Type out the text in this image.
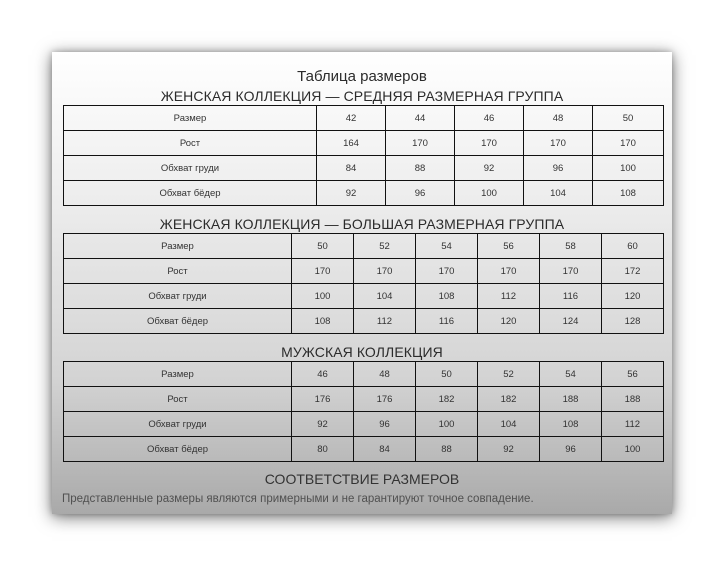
Таблица размеров
ЖЕНСКАЯ КОЛЛЕКЦИЯ — СРЕДНЯЯ РАЗМЕРНАЯ ГРУППА
Размер	42	44	46	48	50
Рост	164	170	170	170	170
Обхват груди	84	88	92	96	100
Обхват бёдер	92	96	100	104	108
ЖЕНСКАЯ КОЛЛЕКЦИЯ — БОЛЬШАЯ РАЗМЕРНАЯ ГРУППА
Размер	50	52	54	56	58	60
Рост	170	170	170	170	170	172
Обхват груди	100	104	108	112	116	120
Обхват бёдер	108	112	116	120	124	128
МУЖСКАЯ КОЛЛЕКЦИЯ
Размер	46	48	50	52	54	56
Рост	176	176	182	182	188	188
Обхват груди	92	96	100	104	108	112
Обхват бёдер	80	84	88	92	96	100
СООТВЕТСТВИЕ РАЗМЕРОВ
Представленные размеры являются примерными и не гарантируют точное совпадение.
